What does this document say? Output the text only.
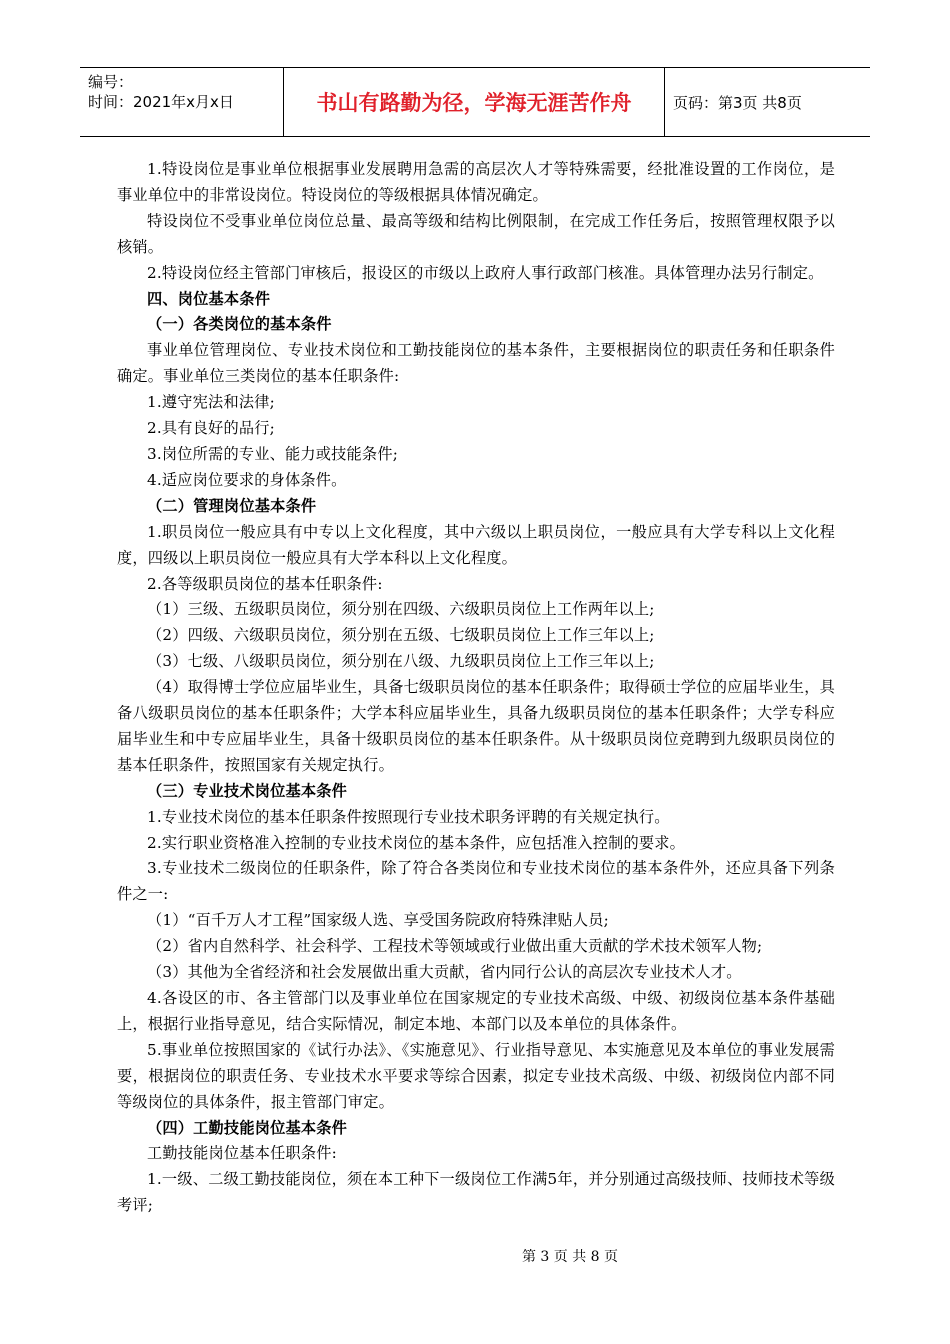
编号：
时间：2021年x月x日	书山有路勤为径，学海无涯苦作舟	页码：第3页 共8页

1.特设岗位是事业单位根据事业发展聘用急需的高层次人才等特殊需要，经批准设置的工作岗位，是事业单位中的非常设岗位。特设岗位的等级根据具体情况确定。

特设岗位不受事业单位岗位总量、最高等级和结构比例限制，在完成工作任务后，按照管理权限予以核销。

2.特设岗位经主管部门审核后，报设区的市级以上政府人事行政部门核准。具体管理办法另行制定。

四、岗位基本条件

（一）各类岗位的基本条件

事业单位管理岗位、专业技术岗位和工勤技能岗位的基本条件，主要根据岗位的职责任务和任职条件确定。事业单位三类岗位的基本任职条件:

1.遵守宪法和法律;

2.具有良好的品行;

3.岗位所需的专业、能力或技能条件;

4.适应岗位要求的身体条件。

（二）管理岗位基本条件

1.职员岗位一般应具有中专以上文化程度，其中六级以上职员岗位，一般应具有大学专科以上文化程度，四级以上职员岗位一般应具有大学本科以上文化程度。

2.各等级职员岗位的基本任职条件:

（1）三级、五级职员岗位，须分别在四级、六级职员岗位上工作两年以上;

（2）四级、六级职员岗位，须分别在五级、七级职员岗位上工作三年以上;

（3）七级、八级职员岗位，须分别在八级、九级职员岗位上工作三年以上;

（4）取得博士学位应届毕业生，具备七级职员岗位的基本任职条件；取得硕士学位的应届毕业生，具备八级职员岗位的基本任职条件；大学本科应届毕业生，具备九级职员岗位的基本任职条件；大学专科应届毕业生和中专应届毕业生，具备十级职员岗位的基本任职条件。从十级职员岗位竞聘到九级职员岗位的基本任职条件，按照国家有关规定执行。

（三）专业技术岗位基本条件

1.专业技术岗位的基本任职条件按照现行专业技术职务评聘的有关规定执行。

2.实行职业资格准入控制的专业技术岗位的基本条件，应包括准入控制的要求。

3.专业技术二级岗位的任职条件，除了符合各类岗位和专业技术岗位的基本条件外，还应具备下列条件之一:

（1）“百千万人才工程”国家级人选、享受国务院政府特殊津贴人员;

（2）省内自然科学、社会科学、工程技术等领域或行业做出重大贡献的学术技术领军人物;

（3）其他为全省经济和社会发展做出重大贡献，省内同行公认的高层次专业技术人才。

4.各设区的市、各主管部门以及事业单位在国家规定的专业技术高级、中级、初级岗位基本条件基础上，根据行业指导意见，结合实际情况，制定本地、本部门以及本单位的具体条件。

5.事业单位按照国家的《试行办法》、《实施意见》、行业指导意见、本实施意见及本单位的事业发展需要，根据岗位的职责任务、专业技术水平要求等综合因素，拟定专业技术高级、中级、初级岗位内部不同等级岗位的具体条件，报主管部门审定。

（四）工勤技能岗位基本条件

工勤技能岗位基本任职条件:

1.一级、二级工勤技能岗位，须在本工种下一级岗位工作满5年，并分别通过高级技师、技师技术等级考评;

第 3 页 共 8 页
